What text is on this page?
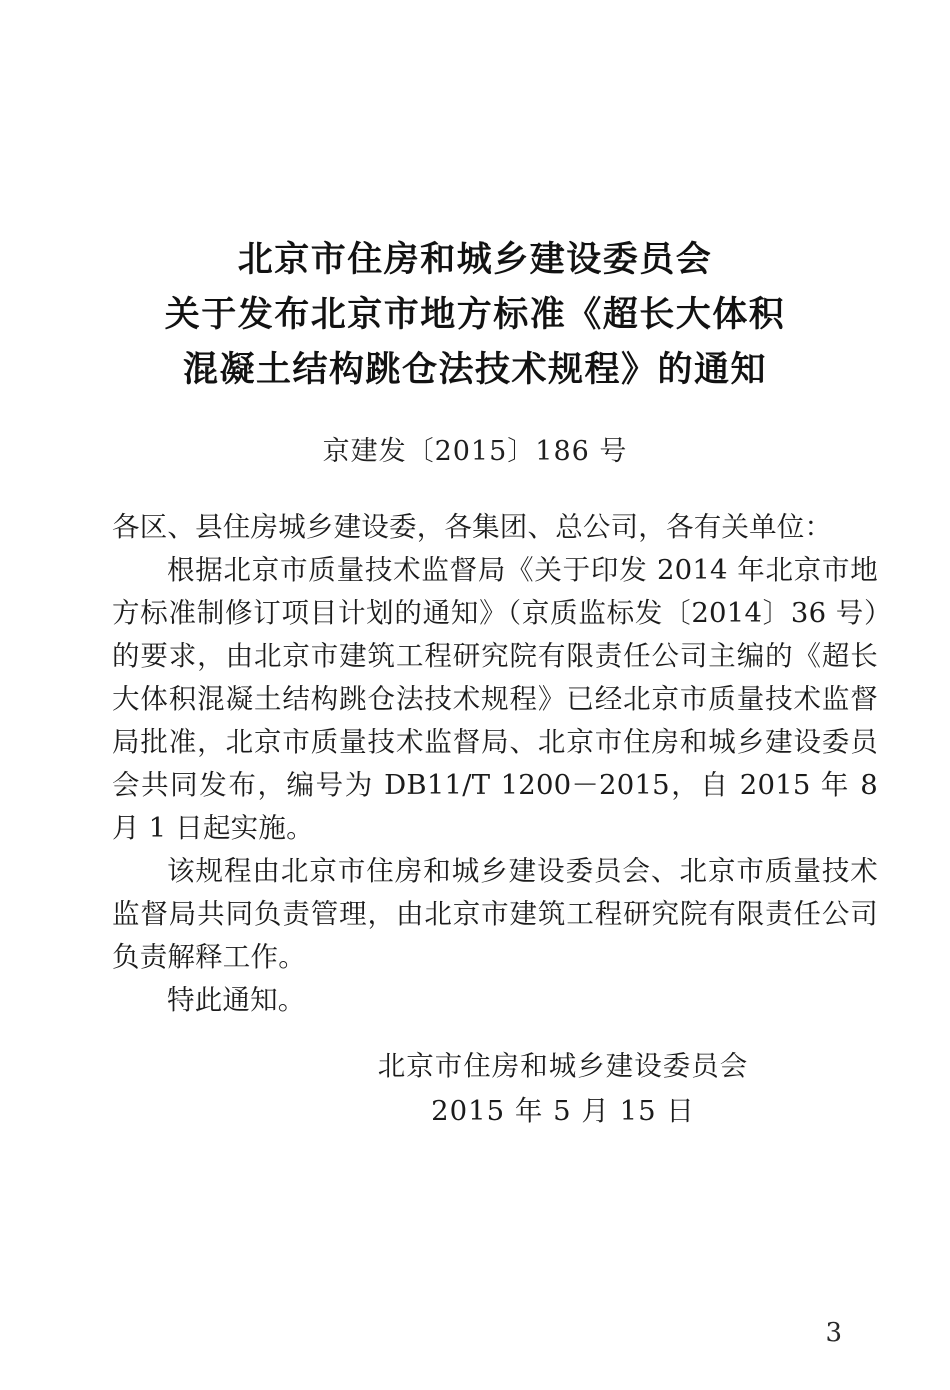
北京市住房和城乡建设委员会
关于发布北京市地方标准《超长大体积
混凝土结构跳仓法技术规程》的通知
京建发〔2015〕186 号

各区、县住房城乡建设委，各集团、总公司，各有关单位：

根据北京市质量技术监督局《关于印发 2014 年北京市地方标准制修订项目计划的通知》（京质监标发〔2014〕36 号）的要求，由北京市建筑工程研究院有限责任公司主编的《超长大体积混凝土结构跳仓法技术规程》已经北京市质量技术监督局批准，北京市质量技术监督局、北京市住房和城乡建设委员会共同发布，编号为 DB11/T 1200－2015，自 2015 年 8 月 1 日起实施。

该规程由北京市住房和城乡建设委员会、北京市质量技术监督局共同负责管理，由北京市建筑工程研究院有限责任公司负责解释工作。

特此通知。

北京市住房和城乡建设委员会
2015 年 5 月 15 日
3
